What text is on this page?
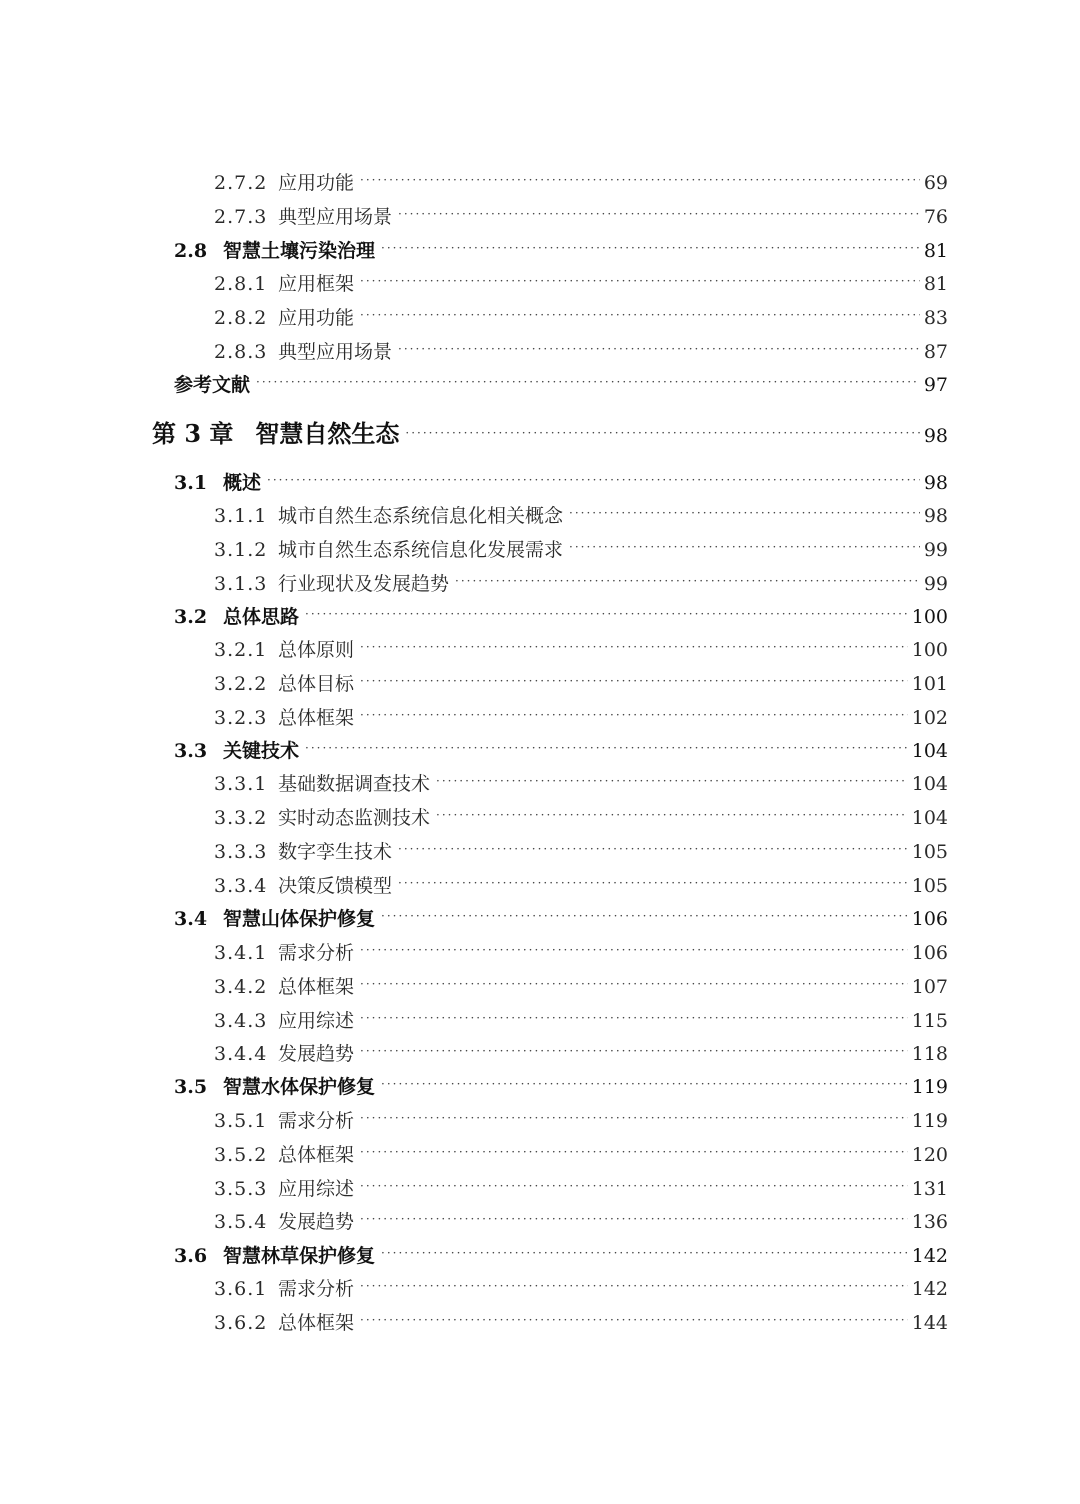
2.7.2 应用功能 ·····	69
2.7.3 典型应用场景 ·····	76
2.8 智慧土壤污染治理 ·····	81
2.8.1 应用框架 ·····	81
2.8.2 应用功能 ·····	83
2.8.3 典型应用场景 ·····	87
参考文献 ·····	97
第 3 章 智慧自然生态 ·····	98
3.1 概述 ·····	98
3.1.1 城市自然生态系统信息化相关概念 ·····	98
3.1.2 城市自然生态系统信息化发展需求 ·····	99
3.1.3 行业现状及发展趋势 ·····	99
3.2 总体思路 ·····	100
3.2.1 总体原则 ·····	100
3.2.2 总体目标 ·····	101
3.2.3 总体框架 ·····	102
3.3 关键技术 ·····	104
3.3.1 基础数据调查技术 ·····	104
3.3.2 实时动态监测技术 ·····	104
3.3.3 数字孪生技术 ·····	105
3.3.4 决策反馈模型 ·····	105
3.4 智慧山体保护修复 ·····	106
3.4.1 需求分析 ·····	106
3.4.2 总体框架 ·····	107
3.4.3 应用综述 ·····	115
3.4.4 发展趋势 ·····	118
3.5 智慧水体保护修复 ·····	119
3.5.1 需求分析 ·····	119
3.5.2 总体框架 ·····	120
3.5.3 应用综述 ·····	131
3.5.4 发展趋势 ·····	136
3.6 智慧林草保护修复 ·····	142
3.6.1 需求分析 ·····	142
3.6.2 总体框架 ·····	144
